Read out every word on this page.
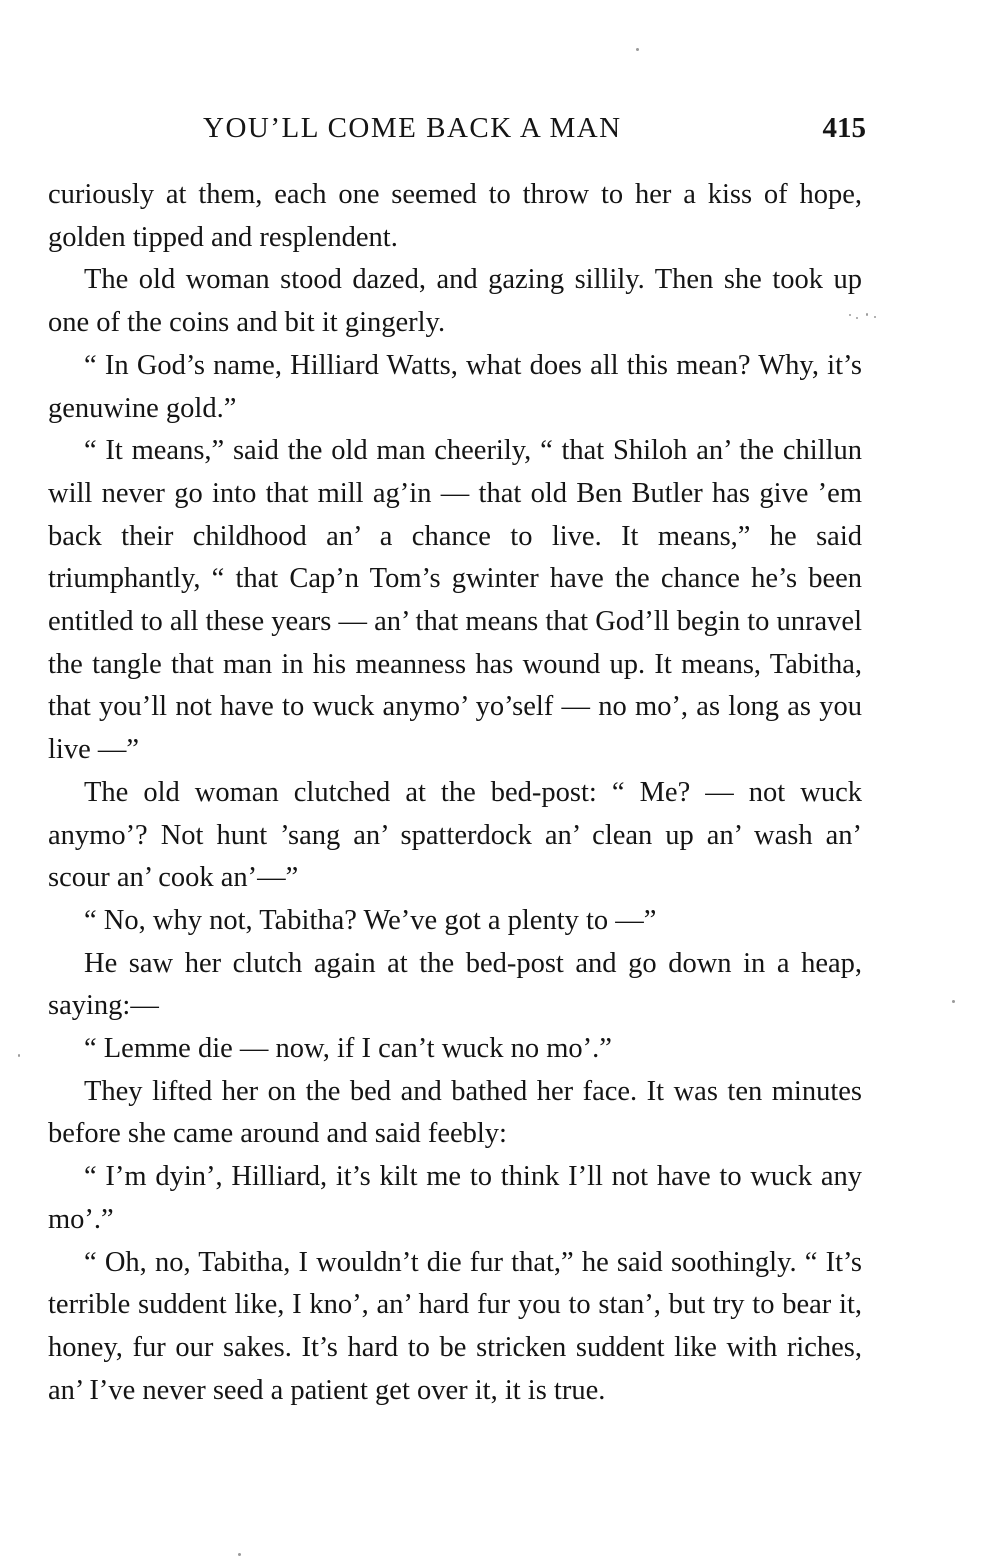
YOU’LL COME BACK A MAN	415

curiously at them, each one seemed to throw to her a kiss of hope, golden tipped and resplendent.

The old woman stood dazed, and gazing sillily. Then she took up one of the coins and bit it gingerly.

“ In God’s name, Hilliard Watts, what does all this mean? Why, it’s genuwine gold.”

“ It means,” said the old man cheerily, “ that Shiloh an’ the chillun will never go into that mill ag’in — that old Ben Butler has give ’em back their childhood an’ a chance to live. It means,” he said triumphantly, “ that Cap’n Tom’s gwinter have the chance he’s been entitled to all these years — an’ that means that God’ll begin to unravel the tangle that man in his meanness has wound up. It means, Tabitha, that you’ll not have to wuck anymo’ yo’self — no mo’, as long as you live —”

The old woman clutched at the bed-post: “ Me? — not wuck anymo’? Not hunt ’sang an’ spatterdock an’ clean up an’ wash an’ scour an’ cook an’—”

“ No, why not, Tabitha? We’ve got a plenty to —”

He saw her clutch again at the bed-post and go down in a heap, saying:—

“ Lemme die — now, if I can’t wuck no mo’.”

They lifted her on the bed and bathed her face. It was ten minutes before she came around and said feebly:

“ I’m dyin’, Hilliard, it’s kilt me to think I’ll not have to wuck any mo’.”

“ Oh, no, Tabitha, I wouldn’t die fur that,” he said soothingly. “ It’s terrible suddent like, I kno’, an’ hard fur you to stan’, but try to bear it, honey, fur our sakes. It’s hard to be stricken suddent like with riches, an’ I’ve never seed a patient get over it, it is true.
